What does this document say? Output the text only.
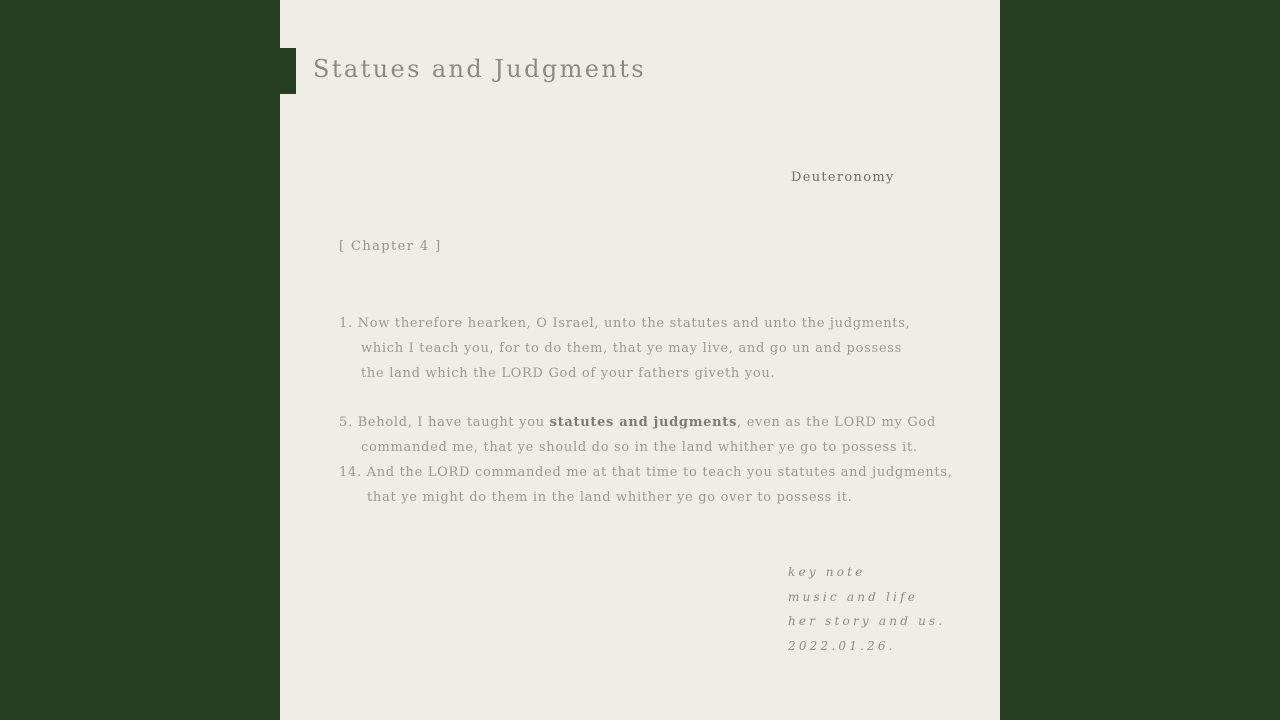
Statues and Judgments
Deuteronomy
[ Chapter 4 ]
1. Now therefore hearken, O Israel, unto the statutes and unto the judgments,
which I teach you, for to do them, that ye may live, and go un and possess
the land which the LORD God of your fathers giveth you.
5. Behold, I have taught you statutes and judgments, even as the LORD my God
commanded me, that ye should do so in the land whither ye go to possess it.
14. And the LORD commanded me at that time to teach you statutes and judgments,
that ye might do them in the land whither ye go over to possess it.
key note
music and life
her story and us.
2022.01.26.
